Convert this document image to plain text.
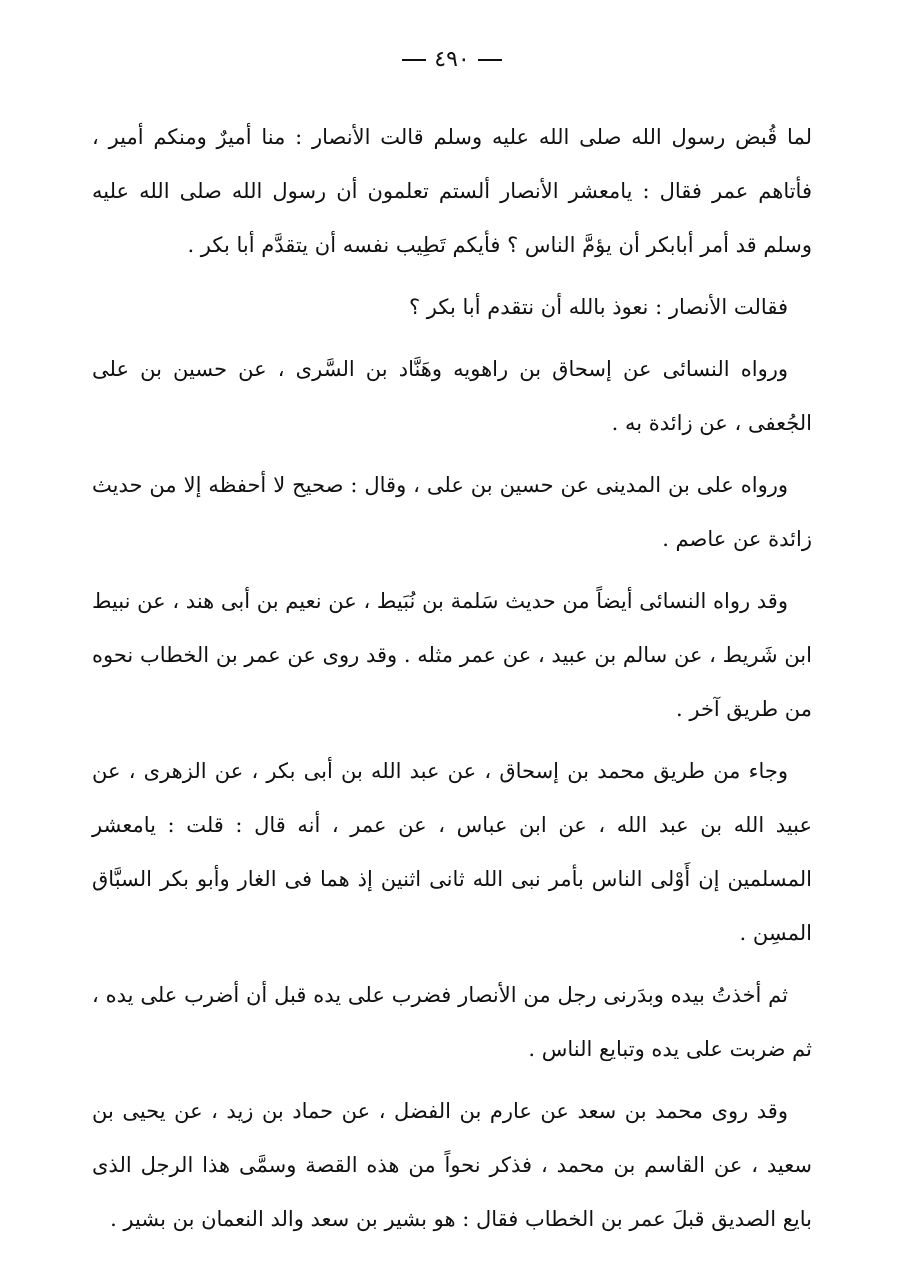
٤٩٠

لما قُبض رسول الله صلى الله عليه وسلم قالت الأنصار : منا أميرٌ ومنكم أمير ، فأتاهم عمر فقال : يامعشر الأنصار ألستم تعلمون أن رسول الله صلى الله عليه وسلم قد أمر أبابكر أن يؤمَّ الناس ؟ فأيكم تَطِيب نفسه أن يتقدَّم أبا بكر .

فقالت الأنصار : نعوذ بالله أن نتقدم أبا بكر ؟

ورواه النسائى عن إسحاق بن راهويه وهَنَّاد بن السَّرى ، عن حسين بن على الجُعفى ، عن زائدة به .

ورواه على بن المدينى عن حسين بن على ، وقال : صحيح لا أحفظه إلا من حديث زائدة عن عاصم .

وقد رواه النسائى أيضاً من حديث سَلمة بن نُبَيط ، عن نعيم بن أبى هند ، عن نبيط ابن شَريط ، عن سالم بن عبيد ، عن عمر مثله . وقد روى عن عمر بن الخطاب نحوه من طريق آخر .

وجاء من طريق محمد بن إسحاق ، عن عبد الله بن أبى بكر ، عن الزهرى ، عن عبيد الله بن عبد الله ، عن ابن عباس ، عن عمر ، أنه قال : قلت : يامعشر المسلمين إن أَوْلى الناس بأمر نبى الله ثانى اثنين إذ هما فى الغار وأبو بكر السبَّاق المسِن .

ثم أخذتُ بيده وبدَرنى رجل من الأنصار فضرب على يده قبل أن أضرب على يده ، ثم ضربت على يده وتبايع الناس .

وقد روى محمد بن سعد عن عارم بن الفضل ، عن حماد بن زيد ، عن يحيى بن سعيد ، عن القاسم بن محمد ، فذكر نحواً من هذه القصة وسمَّى هذا الرجل الذى بايع الصديق قبلَ عمر بن الخطاب فقال : هو بشير بن سعد والد النعمان بن بشير .
